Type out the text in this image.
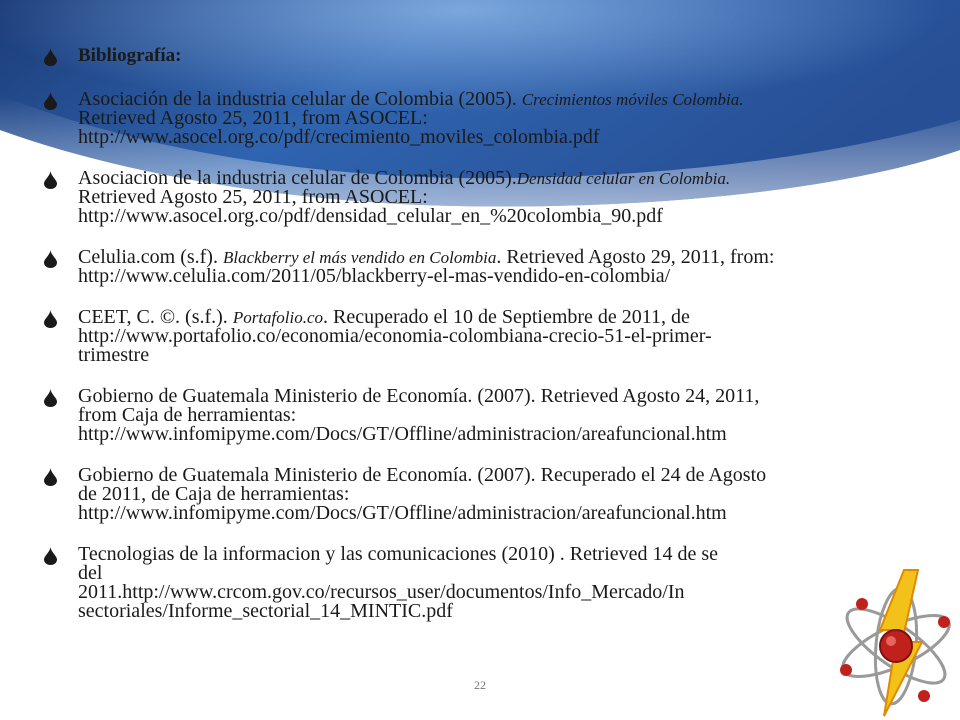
Bibliografía:
Asociación de la industria celular de Colombia (2005). Crecimientos móviles Colombia.
Retrieved Agosto 25, 2011, from ASOCEL:
http://www.asocel.org.co/pdf/crecimiento_moviles_colombia.pdf
Asociacion de la industria celular de Colombia (2005).Densidad celular en Colombia.
Retrieved Agosto 25, 2011, from ASOCEL:
http://www.asocel.org.co/pdf/densidad_celular_en_%20colombia_90.pdf
Celulia.com (s.f). Blackberry el más vendido en Colombia. Retrieved Agosto 29, 2011, from:
http://www.celulia.com/2011/05/blackberry-el-mas-vendido-en-colombia/
CEET, C. ©. (s.f.). Portafolio.co. Recuperado el 10 de Septiembre de 2011, de
http://www.portafolio.co/economia/economia-colombiana-crecio-51-el-primer-
trimestre
Gobierno de Guatemala Ministerio de Economía. (2007). Retrieved Agosto 24, 2011,
from Caja de herramientas:
http://www.infomipyme.com/Docs/GT/Offline/administracion/areafuncional.htm
Gobierno de Guatemala Ministerio de Economía. (2007). Recuperado el 24 de Agosto
de 2011, de Caja de herramientas:
http://www.infomipyme.com/Docs/GT/Offline/administracion/areafuncional.htm
Tecnologias de la informacion y las comunicaciones (2010) . Retrieved 14 de se
del
2011.http://www.crcom.gov.co/recursos_user/documentos/Info_Mercado/In
sectoriales/Informe_sectorial_14_MINTIC.pdf
22
